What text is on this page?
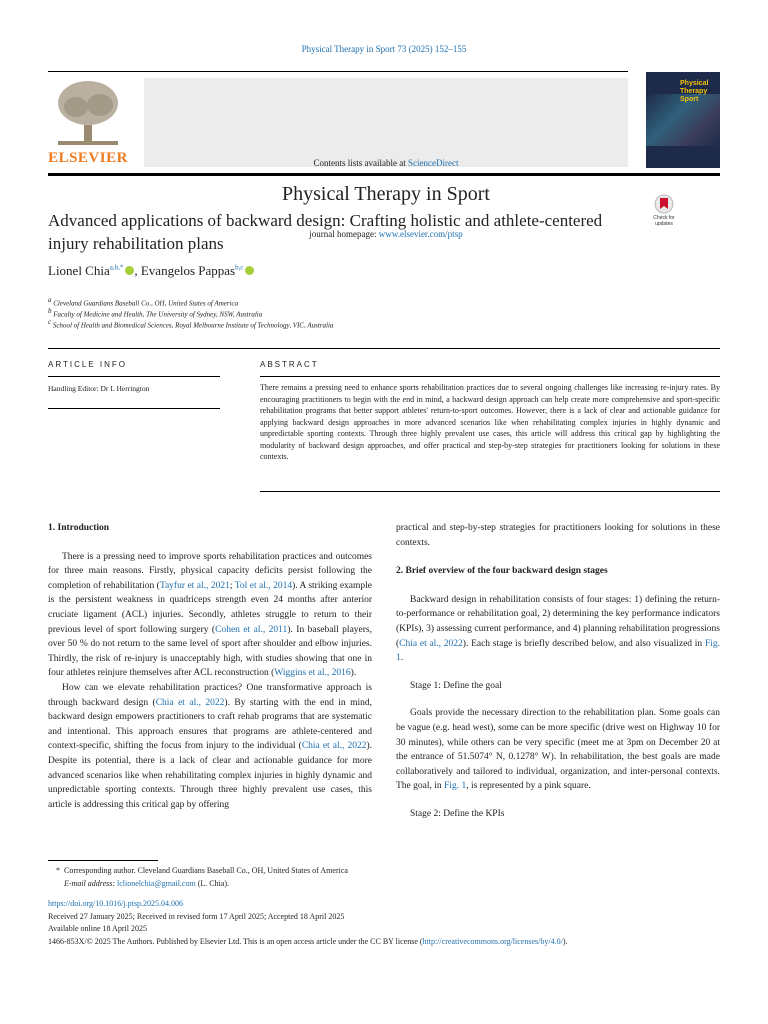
Physical Therapy in Sport 73 (2025) 152–155
ELSEVIER	Contents lists available at ScienceDirect
Physical Therapy in Sport
journal homepage: www.elsevier.com/ptsp
Physical
Therapy
Sport
Advanced applications of backward design: Crafting holistic and athlete-centered injury rehabilitation plans
Check for
updates
Lionel Chia$^{a,b,*}$ , Evangelos Pappas$^{b,c}$
$^a$ Cleveland Guardians Baseball Co., OH, United States of America
$^b$ Faculty of Medicine and Health, The University of Sydney, NSW, Australia
$^c$ School of Health and Biomedical Sciences, Royal Melbourne Institute of Technology, VIC, Australia
ARTICLE INFO	ABSTRACT
Handling Editor: Dr L Herrington	There remains a pressing need to enhance sports rehabilitation practices due to several ongoing challenges like increasing re-injury rates. By encouraging practitioners to begin with the end in mind, a backward design approach can help create more comprehensive and sport-specific rehabilitation programs that better support athletes' return-to-sport outcomes. However, there is a lack of clear and actionable guidance for applying backward design approaches in more advanced scenarios like when rehabilitating complex injuries in highly dynamic and unpredictable sporting contexts. Through three highly prevalent use cases, this article will address this critical gap by highlighting the modularity of backward design approaches, and offer practical and step-by-step strategies for practitioners looking for solutions in these contexts.
1. Introduction

There is a pressing need to improve sports rehabilitation practices and outcomes for three main reasons. Firstly, physical capacity deficits persist following the completion of rehabilitation (Tayfur et al., 2021; Tol et al., 2014). A striking example is the persistent weakness in quadriceps strength even 24 months after anterior cruciate ligament (ACL) injuries. Secondly, athletes struggle to return to their previous level of sport following surgery (Cohen et al., 2011). In baseball players, over 50 % do not return to the same level of sport after shoulder and elbow injuries. Thirdly, the risk of re-injury is unacceptably high, with studies showing that one in four athletes reinjure themselves after ACL reconstruction (Wiggins et al., 2016).

How can we elevate rehabilitation practices? One transformative approach is through backward design (Chia et al., 2022). By starting with the end in mind, backward design empowers practitioners to craft rehab programs that are systematic and intentional. This approach ensures that programs are athlete-centered and context-specific, shifting the focus from injury to the individual (Chia et al., 2022). Despite its potential, there is a lack of clear and actionable guidance for more advanced scenarios like when rehabilitating complex injuries in highly dynamic and unpredictable sporting contexts. Through three highly prevalent use cases, this article is addressing this critical gap by offering

practical and step-by-step strategies for practitioners looking for solutions in these contexts.

2. Brief overview of the four backward design stages

Backward design in rehabilitation consists of four stages: 1) defining the return-to-performance or rehabilitation goal, 2) determining the key performance indicators (KPIs), 3) assessing current performance, and 4) planning rehabilitation progressions (Chia et al., 2022). Each stage is briefly described below, and also visualized in Fig. 1.

Stage 1: Define the goal

Goals provide the necessary direction to the rehabilitation plan. Some goals can be vague (e.g. head west), some can be more specific (drive west on Highway 10 for 30 minutes), while others can be very specific (meet me at 3pm on December 20 at the entrance of 51.5074° N, 0.1278° W). In rehabilitation, the best goals are made collaboratively and tailored to individual, organization, and inter-personal contexts. The goal, in Fig. 1, is represented by a pink square.

Stage 2: Define the KPIs

* Corresponding author. Cleveland Guardians Baseball Co., OH, United States of America
E-mail address: lclionelchia@gmail.com (L. Chia).
https://doi.org/10.1016/j.ptsp.2025.04.006
Received 27 January 2025; Received in revised form 17 April 2025; Accepted 18 April 2025
Available online 18 April 2025
1466-853X/© 2025 The Authors. Published by Elsevier Ltd. This is an open access article under the CC BY license (http://creativecommons.org/licenses/by/4.0/).
